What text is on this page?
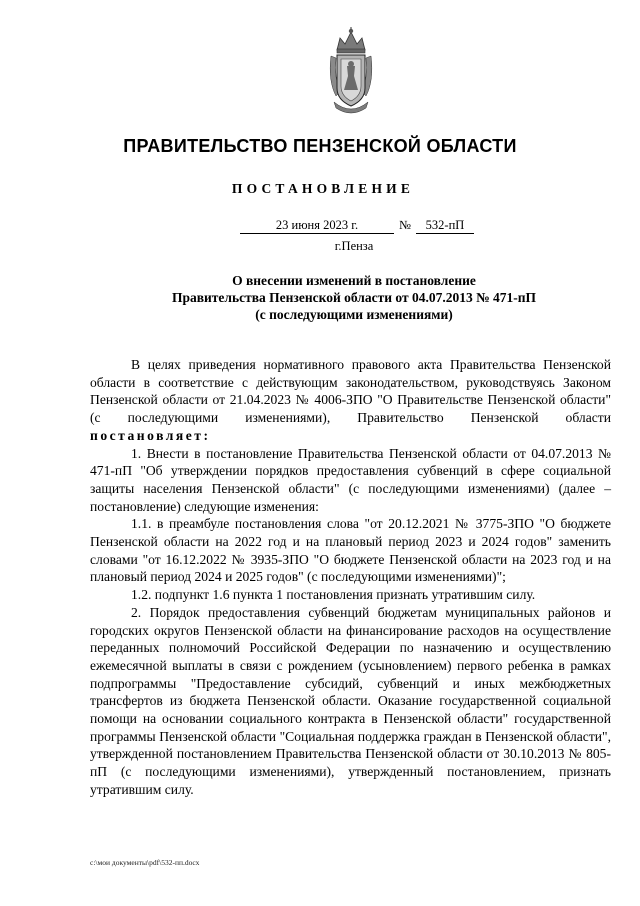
ПРАВИТЕЛЬСТВО ПЕНЗЕНСКОЙ ОБЛАСТИ
ПОСТАНОВЛЕНИЕ
23 июня 2023 г.	№	532-пП
г.Пенза
О внесении изменений в постановление
Правительства Пензенской области от 04.07.2013 № 471-пП
(с последующими изменениями)

В целях приведения нормативного правового акта Правительства Пензенской области в соответствие с действующим законодательством, руководствуясь Законом Пензенской области от 21.04.2023 № 4006-ЗПО "О Правительстве Пензенской области" (с последующими изменениями), Правительство Пензенской области постановляет:

1. Внести в постановление Правительства Пензенской области от 04.07.2013 № 471-пП "Об утверждении порядков предоставления субвенций в сфере социальной защиты населения Пензенской области" (с последующими изменениями) (далее – постановление) следующие изменения:

1.1. в преамбуле постановления слова "от 20.12.2021 № 3775-ЗПО "О бюджете Пензенской области на 2022 год и на плановый период 2023 и 2024 годов" заменить словами "от 16.12.2022 № 3935-ЗПО "О бюджете Пензенской области на 2023 год и на плановый период 2024 и 2025 годов" (с последующими изменениями)";

1.2. подпункт 1.6 пункта 1 постановления признать утратившим силу.

2. Порядок предоставления субвенций бюджетам муниципальных районов и городских округов Пензенской области на финансирование расходов на осуществление переданных полномочий Российской Федерации по назначению и осуществлению ежемесячной выплаты в связи с рождением (усыновлением) первого ребенка в рамках подпрограммы "Предоставление субсидий, субвенций и иных межбюджетных трансфертов из бюджета Пензенской области. Оказание государственной социальной помощи на основании социального контракта в Пензенской области" государственной программы Пензенской области "Социальная поддержка граждан в Пензенской области", утвержденной постановлением Правительства Пензенской области от 30.10.2013 № 805-пП (с последующими изменениями), утвержденный постановлением, признать утратившим силу.

c:\мои документы\pdf\532-пп.docx
